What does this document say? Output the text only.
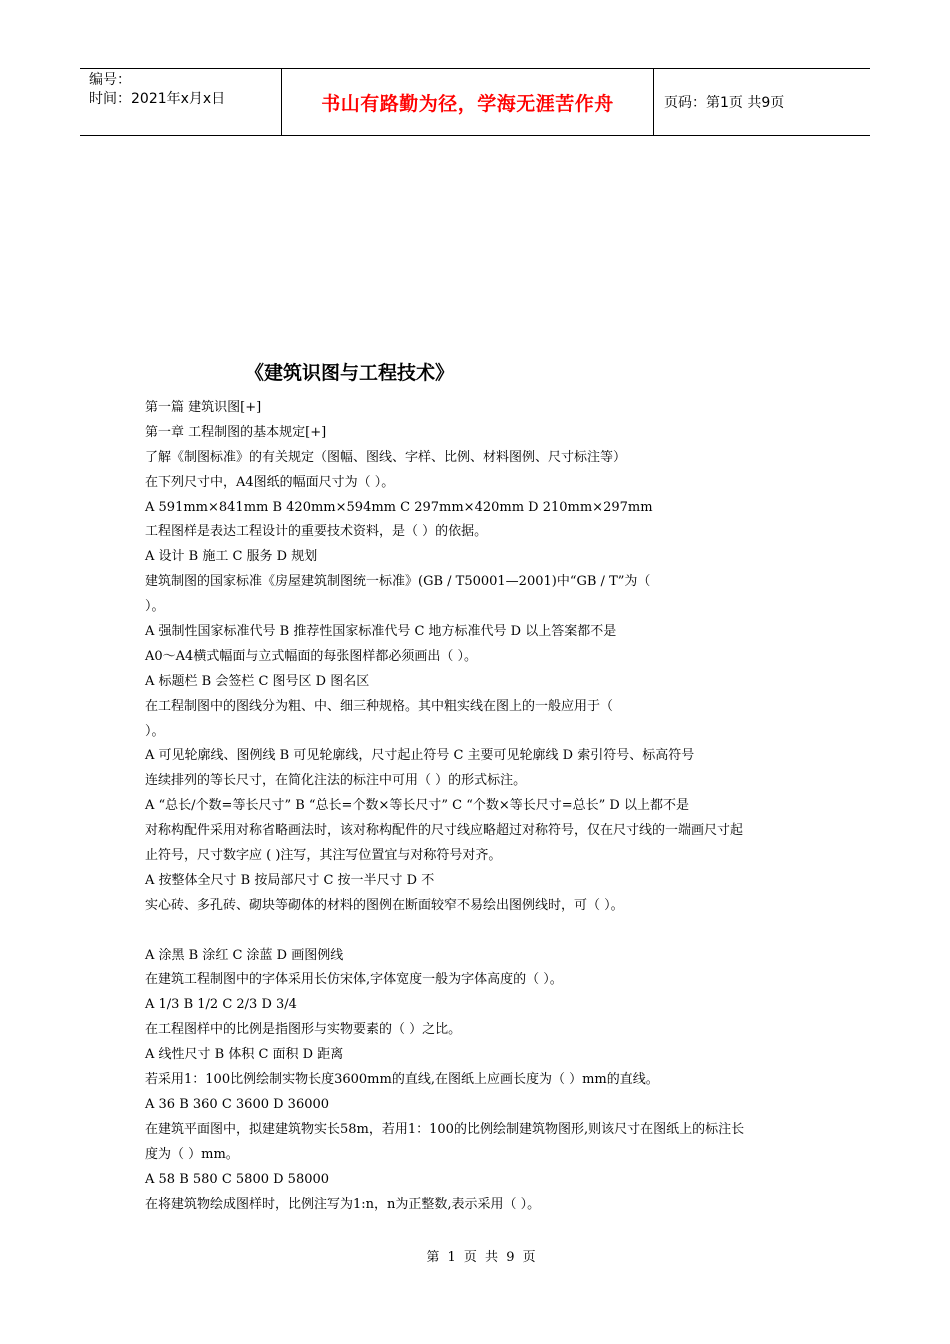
编号：
时间：2021年x月x日	书山有路勤为径，学海无涯苦作舟	页码：第1页 共9页
《建筑识图与工程技术》
第一篇 建筑识图[+]
第一章 工程制图的基本规定[+]
了解《制图标准》的有关规定（图幅、图线、字样、比例、材料图例、尺寸标注等）
在下列尺寸中，A4图纸的幅面尺寸为（ ）。
A 591mm×841mm B 420mm×594mm C 297mm×420mm D 210mm×297mm
工程图样是表达工程设计的重要技术资料，是（ ）的依据。
A 设计 B 施工 C 服务 D 规划
建筑制图的国家标准《房屋建筑制图统一标准》(GB / T50001—2001)中“GB / T”为（
）。
A 强制性国家标准代号 B 推荐性国家标准代号 C 地方标准代号 D 以上答案都不是
A0～A4横式幅面与立式幅面的每张图样都必须画出（ ）。
A 标题栏 B 会签栏 C 图号区 D 图名区
在工程制图中的图线分为粗、中、细三种规格。其中粗实线在图上的一般应用于（
）。
A 可见轮廓线、图例线 B 可见轮廓线，尺寸起止符号 C 主要可见轮廓线 D 索引符号、标高符号
连续排列的等长尺寸，在简化注法的标注中可用（ ）的形式标注。
A “总长/个数=等长尺寸” B “总长=个数×等长尺寸” C “个数×等长尺寸=总长” D 以上都不是
对称构配件采用对称省略画法时，该对称构配件的尺寸线应略超过对称符号，仅在尺寸线的一端画尺寸起
止符号，尺寸数字应 ( )注写，其注写位置宜与对称符号对齐。
A 按整体全尺寸 B 按局部尺寸 C 按一半尺寸 D 不
实心砖、多孔砖、砌块等砌体的材料的图例在断面较窄不易绘出图例线时，可（ ）。
A 涂黑 B 涂红 C 涂蓝 D 画图例线
在建筑工程制图中的字体采用长仿宋体,字体宽度一般为字体高度的（ ）。
A 1/3 B 1/2 C 2/3 D 3/4
在工程图样中的比例是指图形与实物要素的（ ）之比。
A 线性尺寸 B 体积 C 面积 D 距离
若采用1：100比例绘制实物长度3600mm的直线,在图纸上应画长度为（ ）mm的直线。
A 36 B 360 C 3600 D 36000
在建筑平面图中，拟建建筑物实长58m，若用1：100的比例绘制建筑物图形,则该尺寸在图纸上的标注长
度为（ ）mm。
A 58 B 580 C 5800 D 58000
在将建筑物绘成图样时，比例注写为1:n，n为正整数,表示采用（ ）。
第 1 页 共 9 页
